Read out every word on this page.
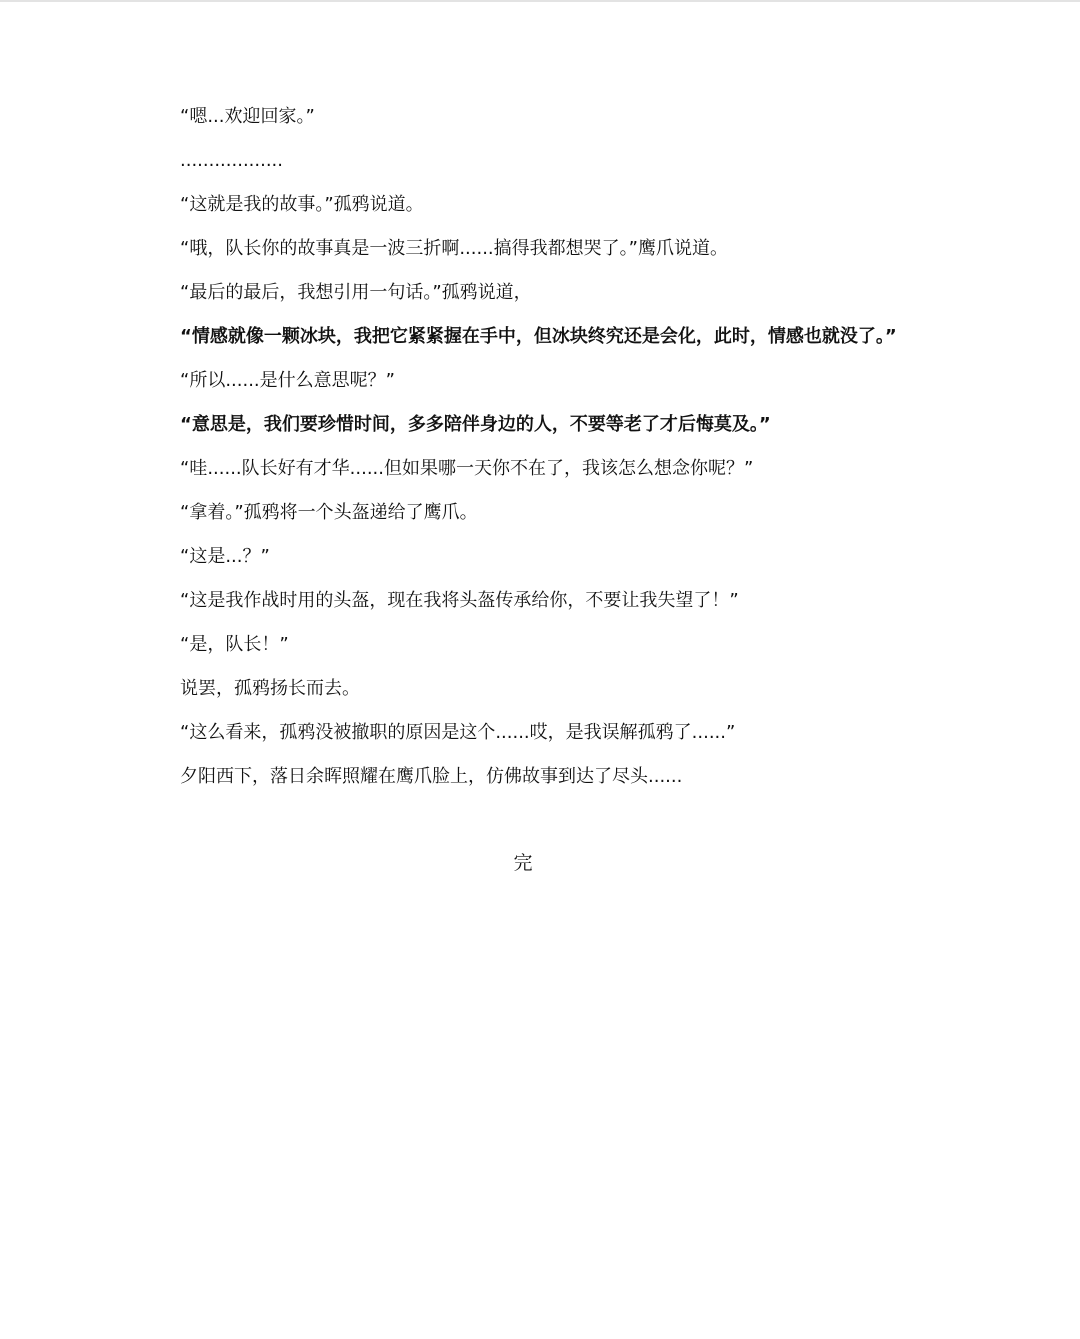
“嗯...欢迎回家。”

..................

“这就是我的故事。”孤鸦说道。

“哦，队长你的故事真是一波三折啊......搞得我都想哭了。”鹰爪说道。

“最后的最后，我想引用一句话。”孤鸦说道，

“情感就像一颗冰块，我把它紧紧握在手中，但冰块终究还是会化，此时，情感也就没了。”

“所以......是什么意思呢？”

“意思是，我们要珍惜时间，多多陪伴身边的人，不要等老了才后悔莫及。”

“哇......队长好有才华......但如果哪一天你不在了，我该怎么想念你呢？”

“拿着。”孤鸦将一个头盔递给了鹰爪。

“这是...？”

“这是我作战时用的头盔，现在我将头盔传承给你，不要让我失望了！”

“是，队长！”

说罢，孤鸦扬长而去。

“这么看来，孤鸦没被撤职的原因是这个......哎，是我误解孤鸦了......”

夕阳西下，落日余晖照耀在鹰爪脸上，仿佛故事到达了尽头......

完
